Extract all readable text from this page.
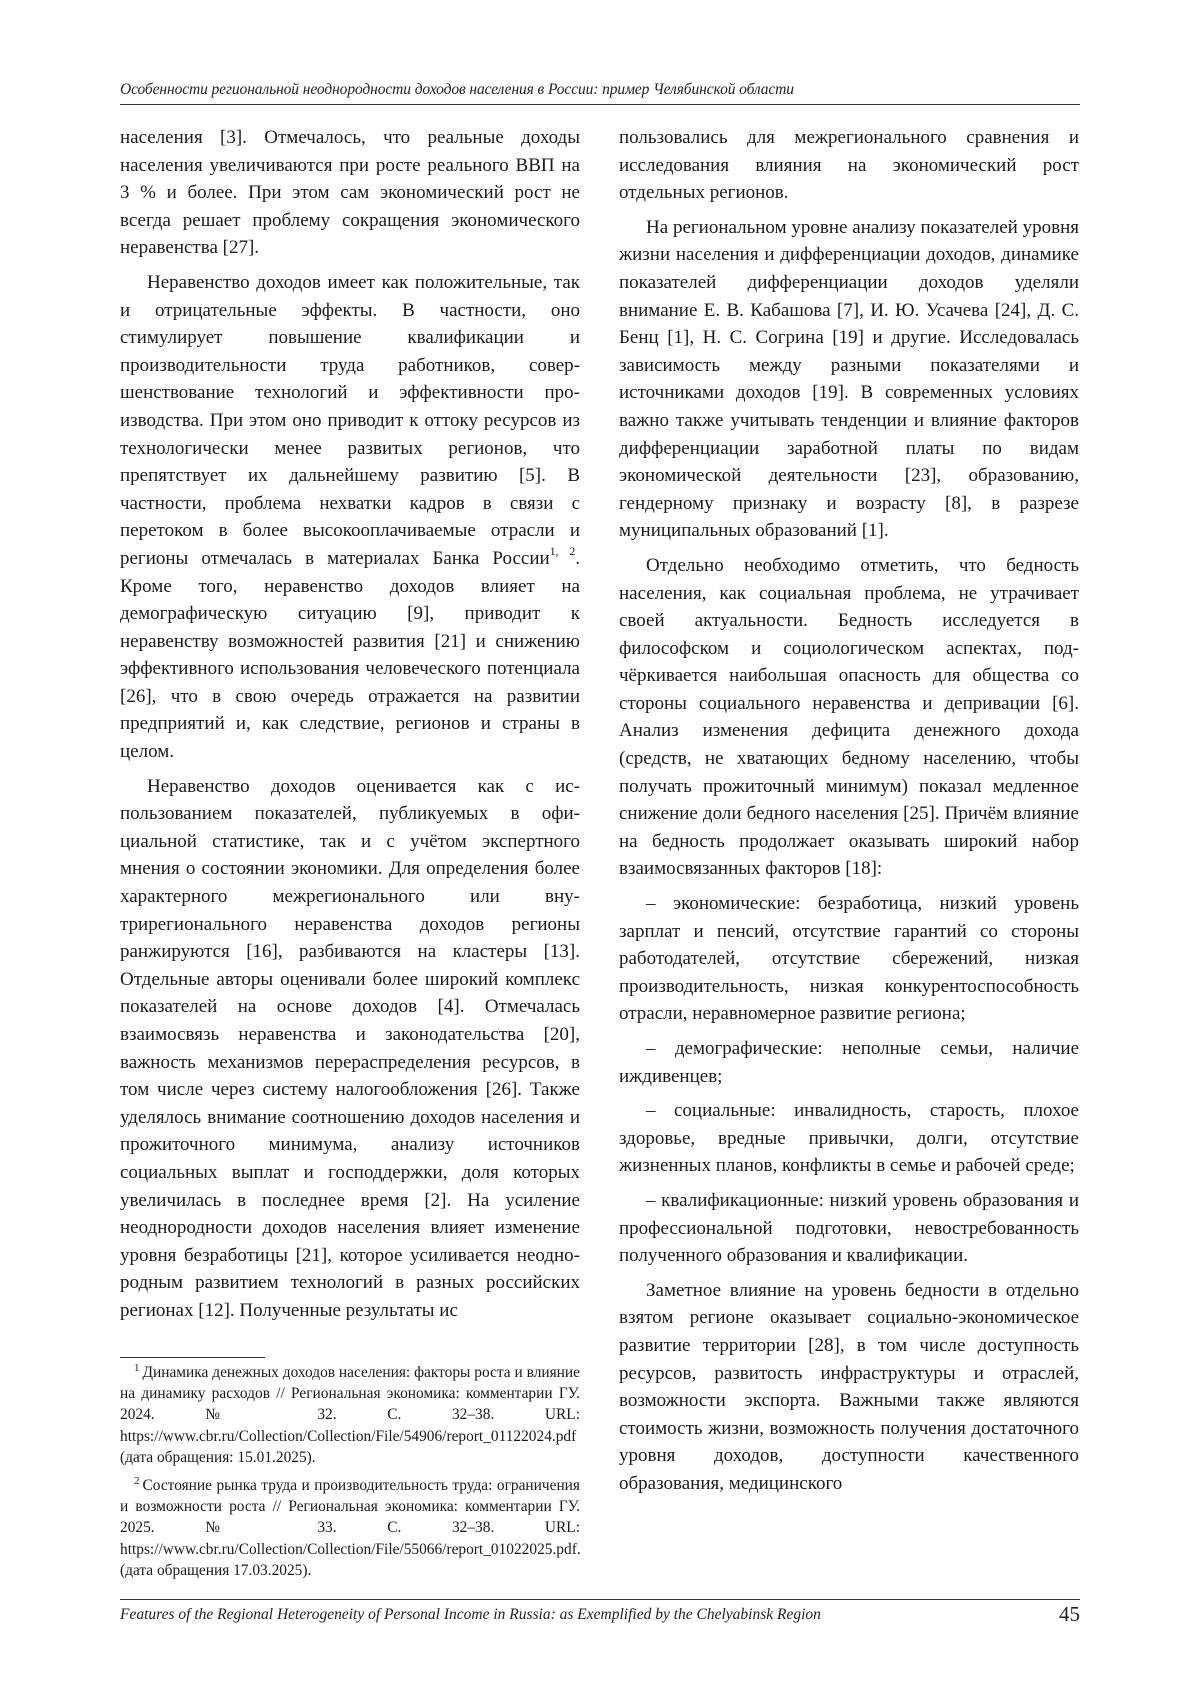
Особенности региональной неоднородности доходов населения в России: пример Челябинской области

населения [3]. Отмечалось, что реальные доходы населения увеличиваются при росте реального ВВП на 3 % и более. При этом сам экономический рост не всегда решает проблему сокращения экономического неравенства [27].

Неравенство доходов имеет как положительные, так и отрицательные эффекты. В частности, оно стимулирует повышение квалификации и производительности труда работников, совершенствование технологий и эффективности производства. При этом оно приводит к оттоку ресурсов из технологически менее развитых регионов, что препятствует их дальнейшему развитию [5]. В частности, проблема нехватки кадров в связи с перетоком в более высокооплачиваемые отрасли и регионы отмечалась в материалах Банка России$^{1, 2}$. Кроме того, неравенство доходов влияет на демографическую ситуацию [9], приводит к неравенству возможностей развития [21] и снижению эффективного использования человеческого потенциала [26], что в свою очередь отражается на развитии предприятий и, как следствие, регионов и страны в целом.

Неравенство доходов оценивается как с использованием показателей, публикуемых в официальной статистике, так и с учётом экспертного мнения о состоянии экономики. Для определения более характерного межрегионального или внутрирегионального неравенства доходов регионы ранжируются [16], разбиваются на кластеры [13]. Отдельные авторы оценивали более широкий комплекс показателей на основе доходов [4]. Отмечалась взаимосвязь неравенства и законодательства [20], важность механизмов перераспределения ресурсов, в том числе через систему налогообложения [26]. Также уделялось внимание соотношению доходов населения и прожиточного минимума, анализу источников социальных выплат и господдержки, доля которых увеличилась в последнее время [2]. На усиление неоднородности доходов населения влияет изменение уровня безработицы [21], которое усиливается неоднородным развитием технологий в разных российских регионах [12]. Полученные результаты ис

$^1$ Динамика денежных доходов населения: факторы роста и влияние на динамику расходов // Региональная экономика: комментарии ГУ. 2024. № 32. С. 32–38. URL: https://www.cbr.ru/Collection/Collection/File/54906/report_01122024.pdf (дата обращения: 15.01.2025).

$^2$ Состояние рынка труда и производительность труда: ограничения и возможности роста // Региональная экономика: комментарии ГУ. 2025. № 33. С. 32–38. URL: https://www.cbr.ru/Collection/Collection/File/55066/report_01022025.pdf. (дата обращения 17.03.2025).

пользовались для межрегионального сравнения и исследования влияния на экономический рост отдельных регионов.

На региональном уровне анализу показателей уровня жизни населения и дифференциации доходов, динамике показателей дифференциации доходов уделяли внимание Е. В. Кабашова [7], И. Ю. Усачева [24], Д. С. Бенц [1], Н. С. Согрина [19] и другие. Исследовалась зависимость между разными показателями и источниками доходов [19]. В современных условиях важно также учитывать тенденции и влияние факторов дифференциации заработной платы по видам экономической деятельности [23], образованию, гендерному признаку и возрасту [8], в разрезе муниципальных образований [1].

Отдельно необходимо отметить, что бедность населения, как социальная проблема, не утрачивает своей актуальности. Бедность исследуется в философском и социологическом аспектах, подчёркивается наибольшая опасность для общества со стороны социального неравенства и депривации [6]. Анализ изменения дефицита денежного дохода (средств, не хватающих бедному населению, чтобы получать прожиточный минимум) показал медленное снижение доли бедного населения [25]. Причём влияние на бедность продолжает оказывать широкий набор взаимосвязанных факторов [18]:

– экономические: безработица, низкий уровень зарплат и пенсий, отсутствие гарантий со стороны работодателей, отсутствие сбережений, низкая производительность, низкая конкурентоспособность отрасли, неравномерное развитие региона;

– демографические: неполные семьи, наличие иждивенцев;

– социальные: инвалидность, старость, плохое здоровье, вредные привычки, долги, отсутствие жизненных планов, конфликты в семье и рабочей среде;

– квалификационные: низкий уровень образования и профессиональной подготовки, невостребованность полученного образования и квалификации.

Заметное влияние на уровень бедности в отдельно взятом регионе оказывает социально-экономическое развитие территории [28], в том числе доступность ресурсов, развитость инфраструктуры и отраслей, возможности экспорта. Важными также являются стоимость жизни, возможность получения достаточного уровня доходов, доступности качественного образования, медицинского

Features of the Regional Heterogeneity of Personal Income in Russia: as Exemplified by the Chelyabinsk Region	45
